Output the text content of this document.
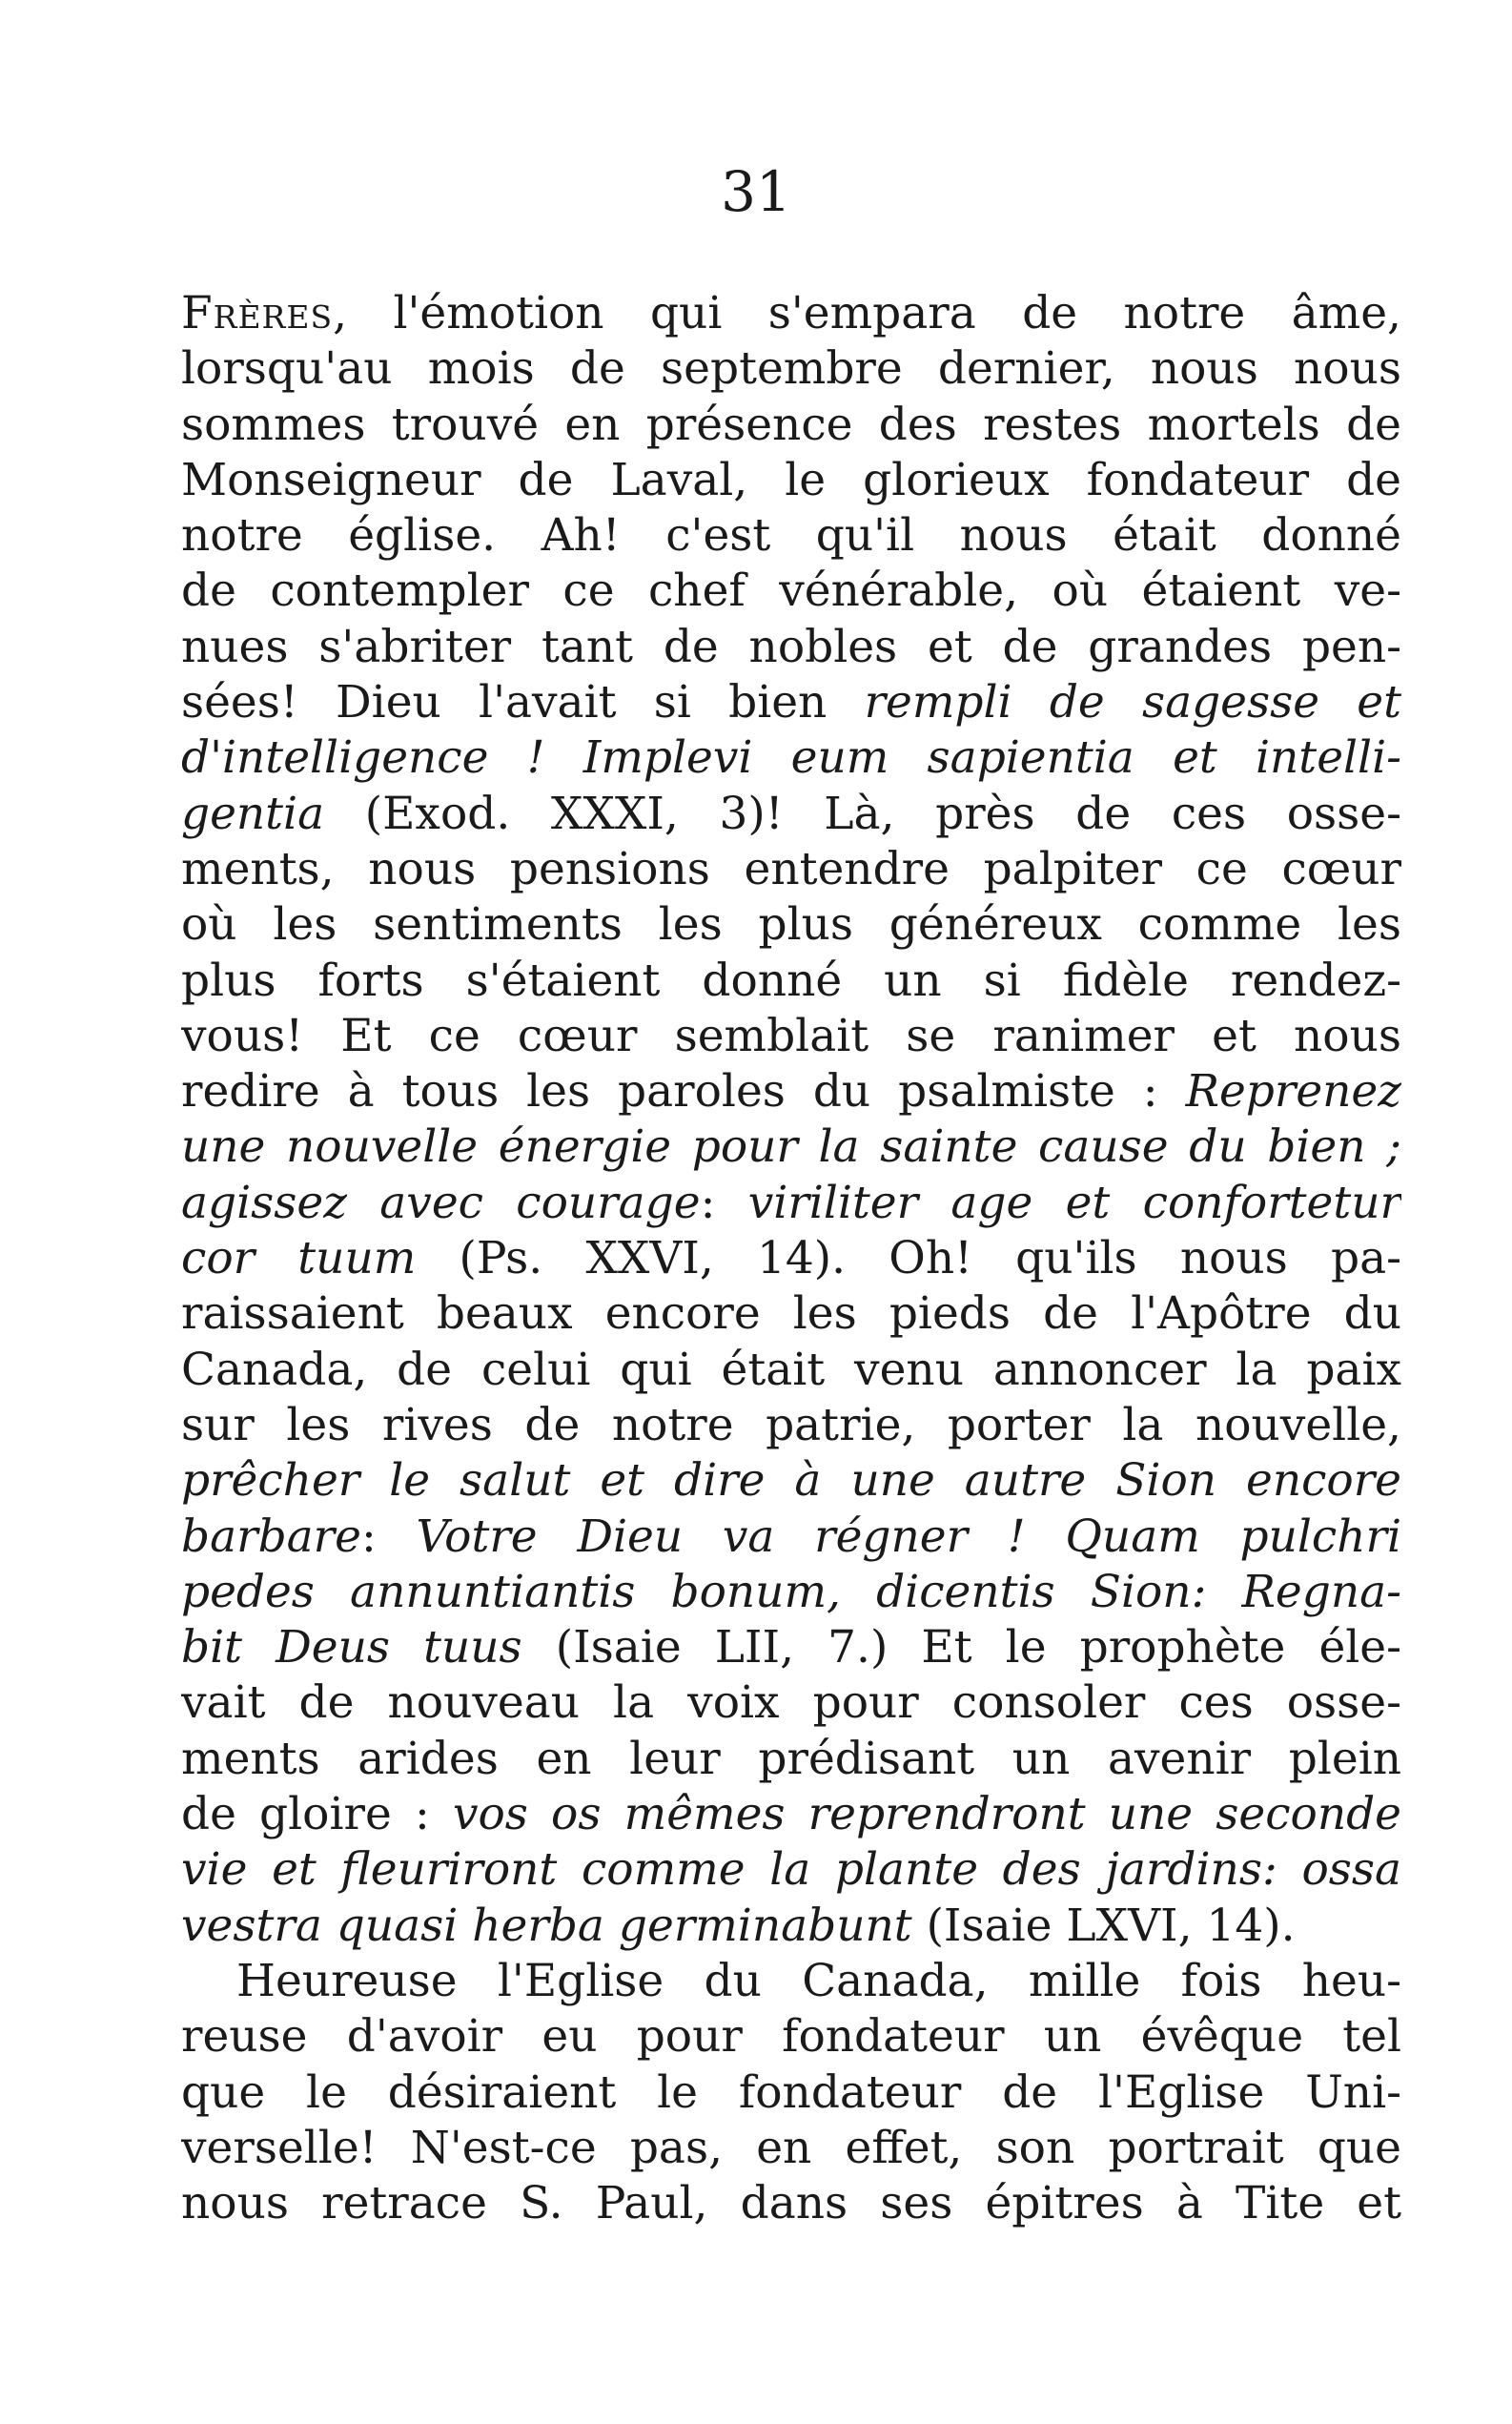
31
Frères, l'émotion qui s'empara de notre âme,
lorsqu'au mois de septembre dernier, nous nous
sommes trouvé en présence des restes mortels de
Monseigneur de Laval, le glorieux fondateur de
notre église. Ah! c'est qu'il nous était donné
de contempler ce chef vénérable, où étaient ve-
nues s'abriter tant de nobles et de grandes pen-
sées! Dieu l'avait si bien rempli de sagesse et
d'intelligence ! Implevi eum sapientia et intelli-
gentia (Exod. XXXI, 3)! Là, près de ces osse-
ments, nous pensions entendre palpiter ce cœur
où les sentiments les plus généreux comme les
plus forts s'étaient donné un si fidèle rendez-
vous! Et ce cœur semblait se ranimer et nous
redire à tous les paroles du psalmiste : Reprenez
une nouvelle énergie pour la sainte cause du bien ;
agissez avec courage: viriliter age et confortetur
cor tuum (Ps. XXVI, 14). Oh! qu'ils nous pa-
raissaient beaux encore les pieds de l'Apôtre du
Canada, de celui qui était venu annoncer la paix
sur les rives de notre patrie, porter la nouvelle,
prêcher le salut et dire à une autre Sion encore
barbare: Votre Dieu va régner ! Quam pulchri
pedes annuntiantis bonum, dicentis Sion: Regna-
bit Deus tuus (Isaie LII, 7.) Et le prophète éle-
vait de nouveau la voix pour consoler ces osse-
ments arides en leur prédisant un avenir plein
de gloire : vos os mêmes reprendront une seconde
vie et fleuriront comme la plante des jardins: ossa
vestra quasi herba germinabunt (Isaie LXVI, 14).
Heureuse l'Eglise du Canada, mille fois heu-
reuse d'avoir eu pour fondateur un évêque tel
que le désiraient le fondateur de l'Eglise Uni-
verselle! N'est-ce pas, en effet, son portrait que
nous retrace S. Paul, dans ses épitres à Tite et
